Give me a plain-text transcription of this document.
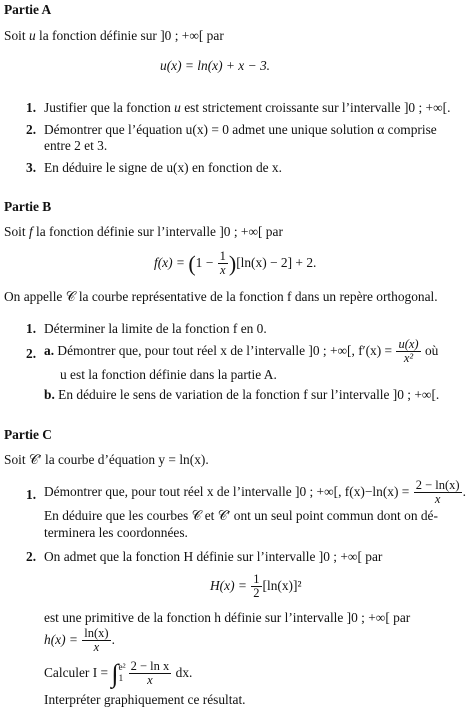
Partie A
Soit u la fonction définie sur ]0 ; +∞[ par
u(x) = ln(x) + x − 3.
1. Justifier que la fonction u est strictement croissante sur l’intervalle ]0 ; +∞[.
2. Démontrer que l’équation u(x) = 0 admet une unique solution α comprise
entre 2 et 3.
3. En déduire le signe de u(x) en fonction de x.
Partie B
Soit f la fonction définie sur l’intervalle ]0 ; +∞[ par
$f(x) = (1 - \frac{1}{x} )[\ln(x) - 2] + 2$.
On appelle 𝒞 la courbe représentative de la fonction f dans un repère orthogonal.
1. Déterminer la limite de la fonction f en 0.
2. a. Démontrer que, pour tout réel x de l’intervalle ]0 ; +∞[, $f'(x) = \frac{u(x)}{\text{x²}}$ où
u est la fonction définie dans la partie A.
b. En déduire le sens de variation de la fonction f sur l’intervalle ]0 ; +∞[.
Partie C
Soit 𝒞′ la courbe d’équation y = ln(x).
1. Démontrer que, pour tout réel x de l’intervalle ]0 ; +∞[, $f(x)-\ln(x) = \frac{2 - \ln(x)}{x}$ .
En déduire que les courbes 𝒞 et 𝒞′ ont un seul point commun dont on dé-
terminera les coordonnées.
2. On admet que la fonction H définie sur l’intervalle ]0 ; +∞[ par
$H(x) = \frac{1}{2} [\ln(x)]^2$
est une primitive de la fonction h définie sur l’intervalle ]0 ; +∞[ par
$h(x) = \frac{\ln(x)}{x}$ .
Calculer I = ∫ e²
$1 \frac{\text{2 − ln x}}{x}$ dx.
Interpréter graphiquement ce résultat.
